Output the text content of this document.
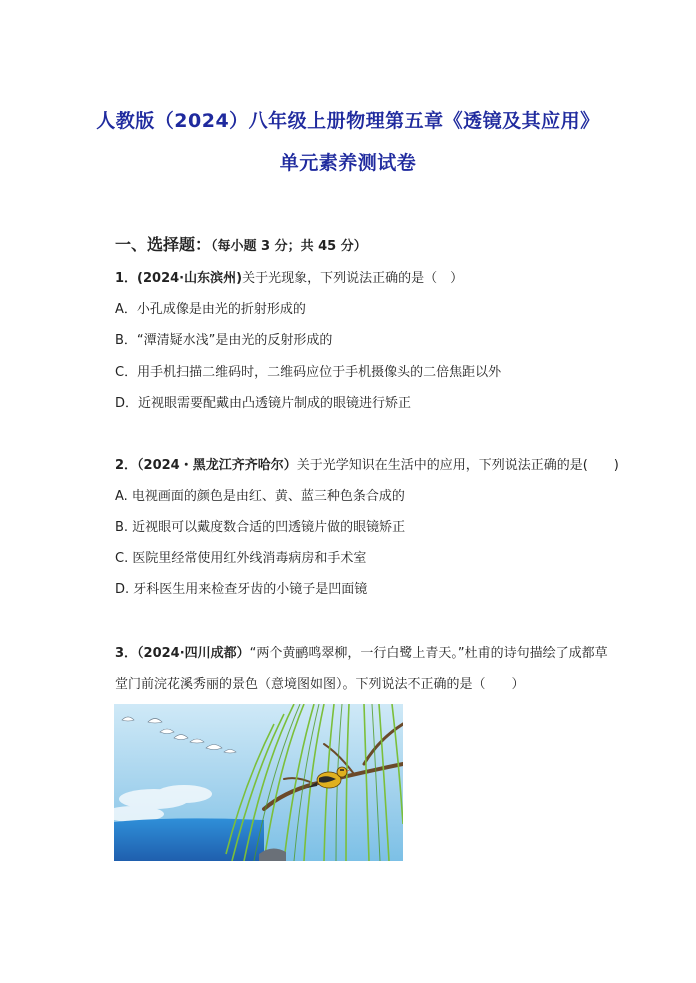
人教版（2024）八年级上册物理第五章《透镜及其应用》
单元素养测试卷
一、选择题：（每小题 3 分；共 45 分）
1．(2024·山东滨州)关于光现象，下列说法正确的是（　）
A．小孔成像是由光的折射形成的
B．“潭清疑水浅”是由光的反射形成的
C．用手机扫描二维码时，二维码应位于手机摄像头的二倍焦距以外
D．近视眼需要配戴由凸透镜片制成的眼镜进行矫正
2．（2024・黑龙江齐齐哈尔）关于光学知识在生活中的应用，下列说法正确的是(　　)
A. 电视画面的颜色是由红、黄、蓝三种色条合成的
B. 近视眼可以戴度数合适的凹透镜片做的眼镜矫正
C. 医院里经常使用红外线消毒病房和手术室
D. 牙科医生用来检查牙齿的小镜子是凹面镜
3．（2024·四川成都）“两个黄鹂鸣翠柳，一行白鹭上青天。”杜甫的诗句描绘了成都草
堂门前浣花溪秀丽的景色（意境图如图）。下列说法不正确的是（　　）
